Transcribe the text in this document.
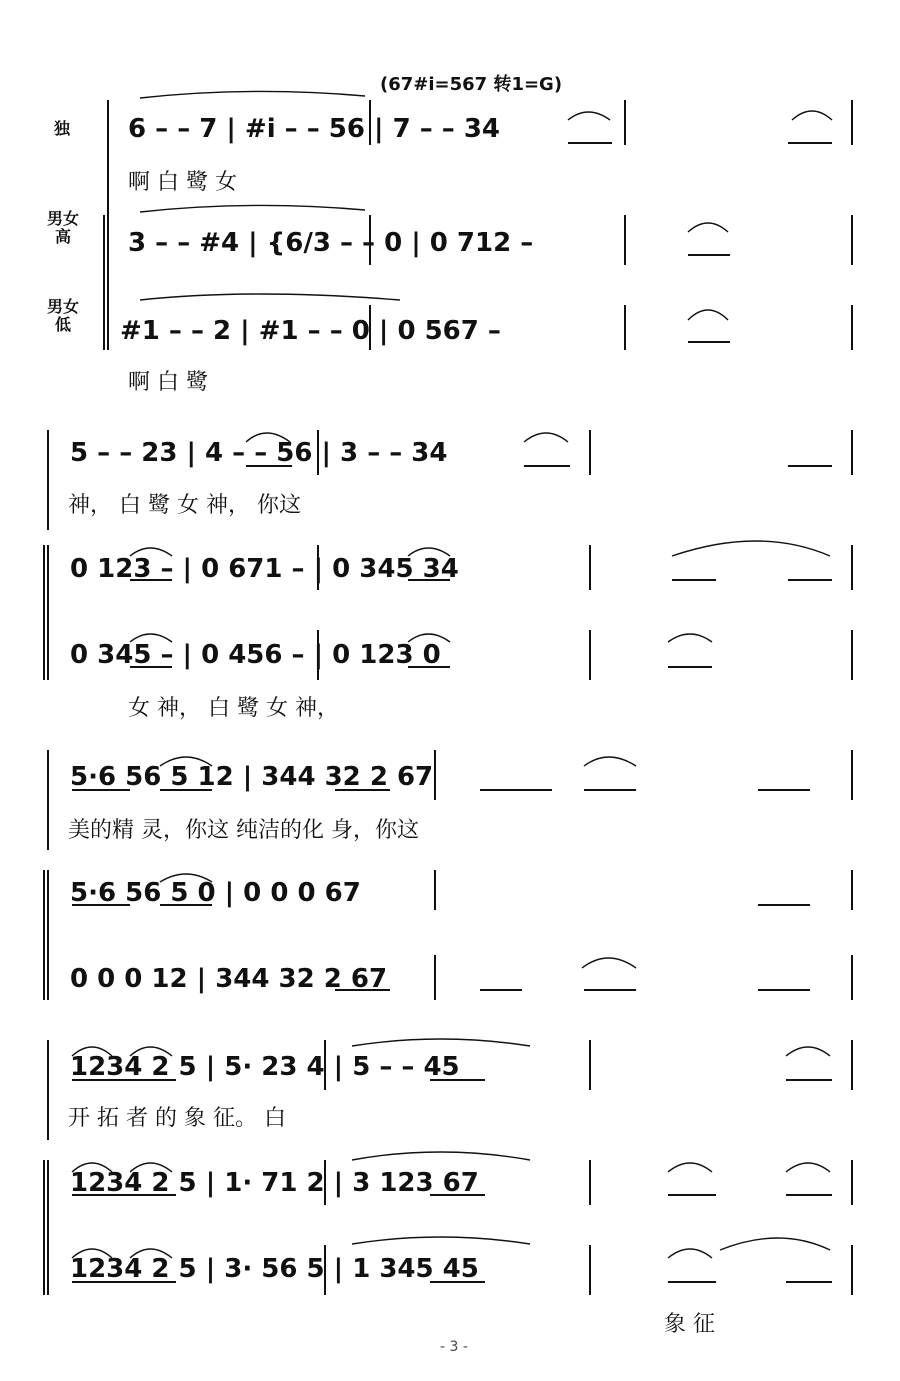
(67#i=567 转1=G)
独
男女
高
男女
低
6 – – 7 | #i – – 56 | 7 – – 34
啊 白 鹭 女
3 – – #4 | {6/3 – – 0 | 0 712 –
#1 – – 2 | #1 – – 0 | 0 567 –
啊 白 鹭
5 – – 23 | 4 – – 56 | 3 – – 34
神， 白 鹭 女 神， 你这
0 123 – | 0 671 – | 0 345 34
0 345 – | 0 456 – | 0 123 0
女 神， 白 鹭 女 神，
5·6 56 5 12 | 344 32 2 67
美的精 灵，你这 纯洁的化 身，你这
5·6 56 5 0 | 0 0 0 67
0 0 0 12 | 344 32 2 67
1234 2 5 | 5· 23 4 | 5 – – 45
开 拓 者 的 象 征。 白
1234 2 5 | 1· 71 2 | 3 123 67
1234 2 5 | 3· 56 5 | 1 345 45
象 征
- 3 -
